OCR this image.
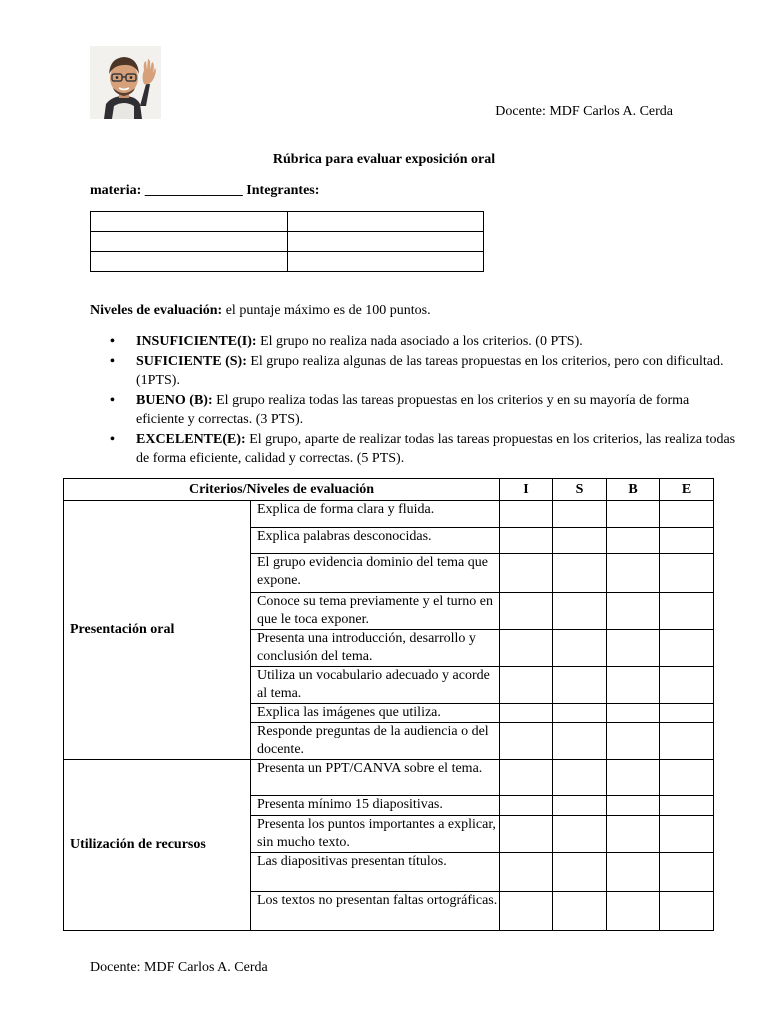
Docente: MDF Carlos A. Cerda
Rúbrica para evaluar exposición oral
materia: ______________ Integrantes:

Niveles de evaluación: el puntaje máximo es de 100 puntos.
• INSUFICIENTE(I): El grupo no realiza nada asociado a los criterios. (0 PTS).
• SUFICIENTE (S): El grupo realiza algunas de las tareas propuestas en los criterios, pero con dificultad. (1PTS).
• BUENO (B): El grupo realiza todas las tareas propuestas en los criterios y en su mayoría de forma eficiente y correctas. (3 PTS).
• EXCELENTE(E): El grupo, aparte de realizar todas las tareas propuestas en los criterios, las realiza todas de forma eficiente, calidad y correctas. (5 PTS).
Criterios/Niveles de evaluación		I	S	B	E
Presentación oral	Explica de forma clara y fluida.				
	Explica palabras desconocidas.				
	El grupo evidencia dominio del tema que expone.				
	Conoce su tema previamente y el turno en que le toca exponer.				
	Presenta una introducción, desarrollo y conclusión del tema.				
	Utiliza un vocabulario adecuado y acorde al tema.				
	Explica las imágenes que utiliza.				
	Responde preguntas de la audiencia o del docente.				
Utilización de recursos	Presenta un PPT/CANVA sobre el tema.				
	Presenta mínimo 15 diapositivas.				
	Presenta los puntos importantes a explicar, sin mucho texto.				
	Las diapositivas presentan títulos.				
	Los textos no presentan faltas ortográficas.				
Docente: MDF Carlos A. Cerda
